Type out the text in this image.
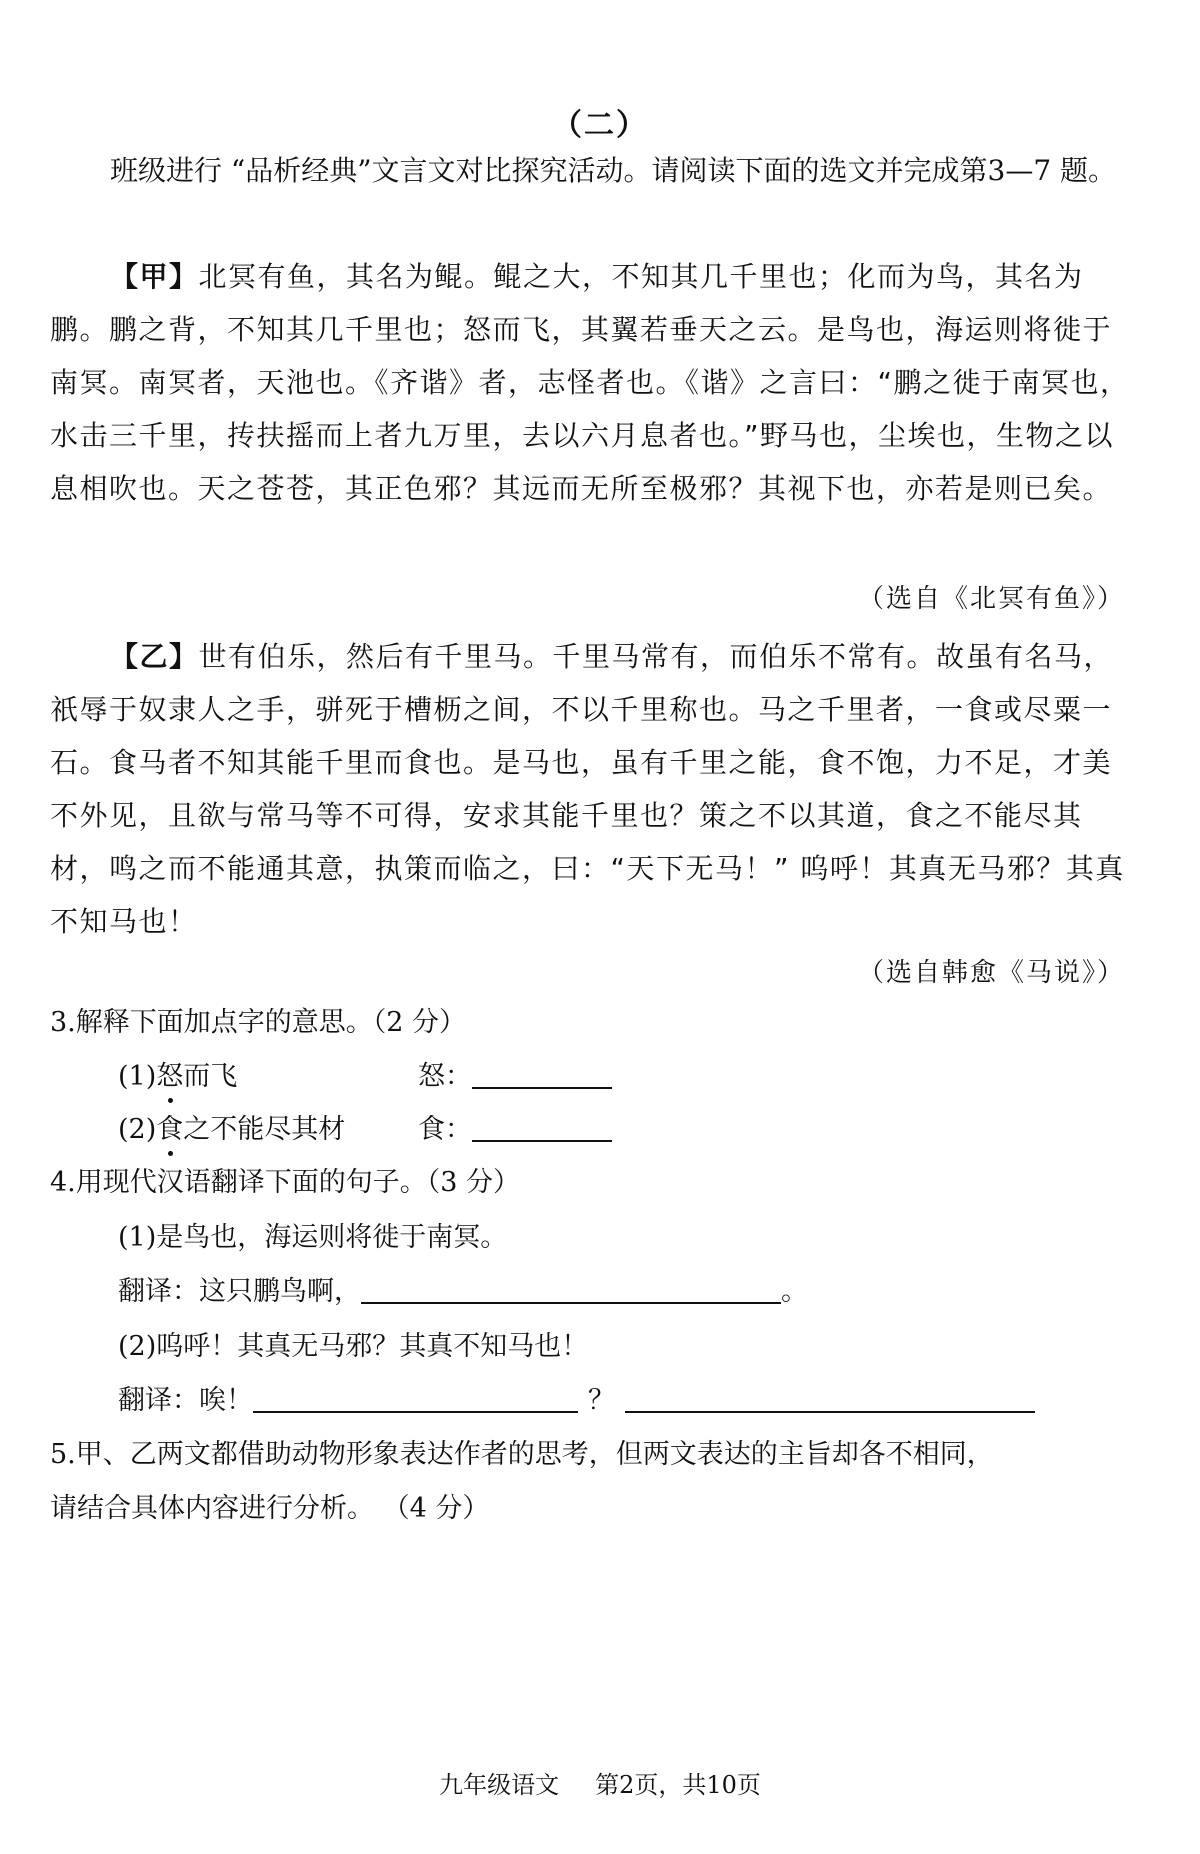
（二）
班级进行 “品析经典”文言文对比探究活动。请阅读下面的选文并完成第3—7 题。
【甲】北冥有鱼，其名为鲲。鲲之大，不知其几千里也；化而为鸟，其名为鹏。鹏之背，不知其几千里也；怒而飞，其翼若垂天之云。是鸟也，海运则将徙于南冥。南冥者，天池也。《齐谐》者，志怪者也。《谐》之言曰：“鹏之徙于南冥也，水击三千里，抟扶摇而上者九万里，去以六月息者也。”野马也，尘埃也，生物之以息相吹也。天之苍苍，其正色邪？其远而无所至极邪？其视下也，亦若是则已矣。
（选自《北冥有鱼》）
【乙】世有伯乐，然后有千里马。千里马常有，而伯乐不常有。故虽有名马，祇辱于奴隶人之手，骈死于槽枥之间，不以千里称也。马之千里者，一食或尽粟一石。食马者不知其能千里而食也。是马也，虽有千里之能，食不饱，力不足，才美不外见，且欲与常马等不可得，安求其能千里也？策之不以其道，食之不能尽其材，鸣之而不能通其意，执策而临之，曰：“天下无马！” 呜呼！其真无马邪？其真不知马也！
（选自韩愈《马说》）
3.解释下面加点字的意思。（2 分）
(1)怒而飞	怒：
(2)食之不能尽其材	食：
4.用现代汉语翻译下面的句子。（3 分）
(1)是鸟也，海运则将徙于南冥。
翻译：这只鹏鸟啊，	。
(2)呜呼！其真无马邪？其真不知马也！
翻译：唉！	？
5.甲、乙两文都借助动物形象表达作者的思考，但两文表达的主旨却各不相同，
请结合具体内容进行分析。 （4 分）
九年级语文 第2页，共10页
